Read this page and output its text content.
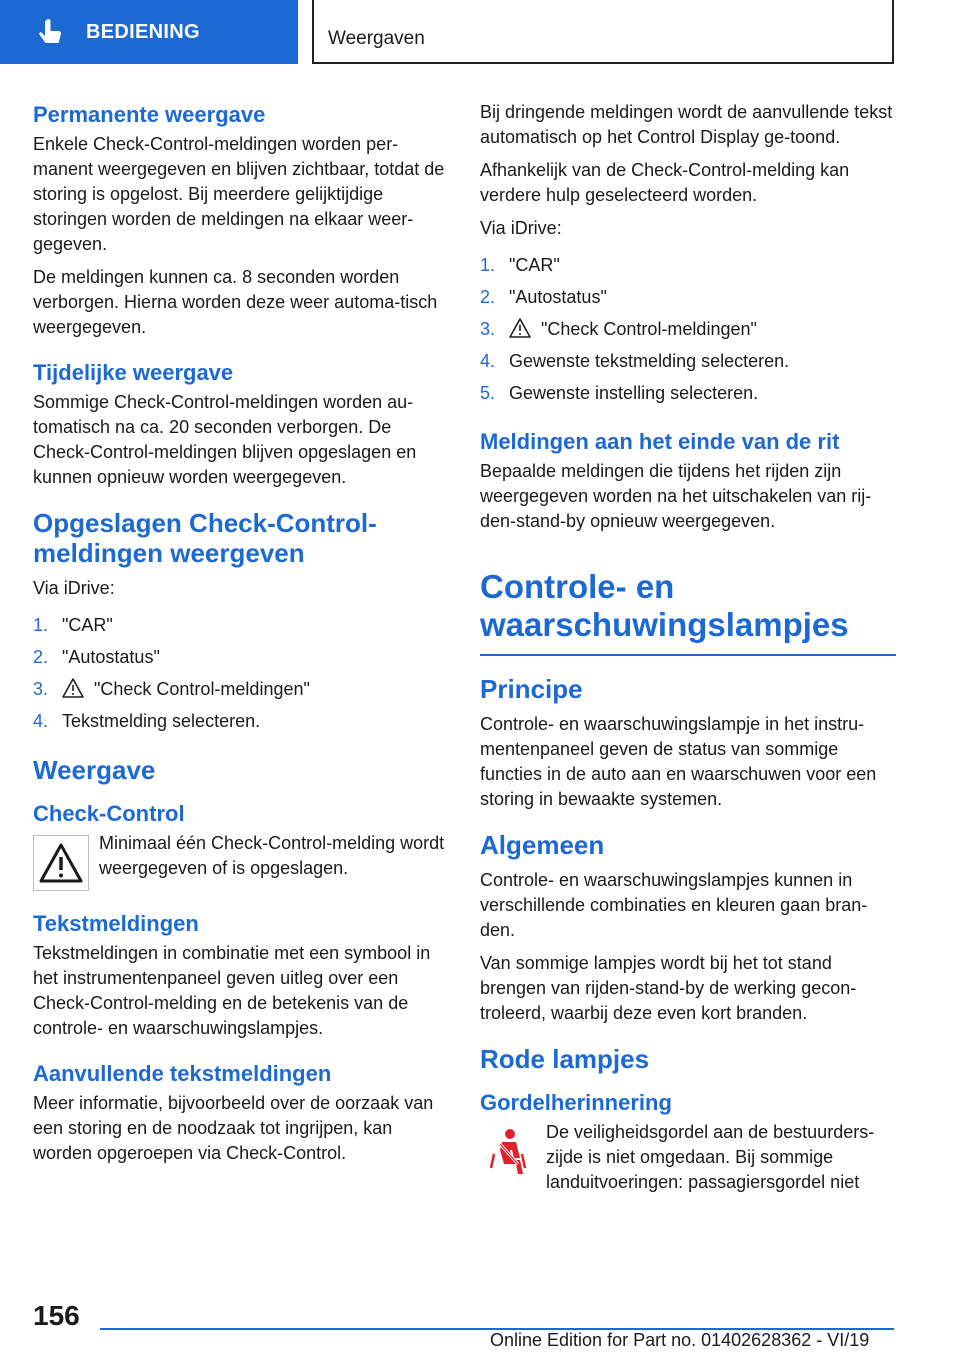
BEDIENING	Weergaven
Permanente weergave

Enkele Check-Control-meldingen worden per-manent weergegeven en blijven zichtbaar, totdat de storing is opgelost. Bij meerdere gelijktijdige storingen worden de meldingen na elkaar weer-gegeven.

De meldingen kunnen ca. 8 seconden worden verborgen. Hierna worden deze weer automa-tisch weergegeven.

Tijdelijke weergave

Sommige Check-Control-meldingen worden au-tomatisch na ca. 20 seconden verborgen. De Check-Control-meldingen blijven opgeslagen en kunnen opnieuw worden weergegeven.

Opgeslagen Check-Control-meldingen weergeven

Via iDrive:

1. "CAR"
2. "Autostatus"
3.	"Check Control-meldingen"
4. Tekstmelding selecteren.
Weergave
Check-Control

Minimaal één Check-Control-melding wordt weergegeven of is opgeslagen.

Tekstmeldingen

Tekstmeldingen in combinatie met een symbool in het instrumentenpaneel geven uitleg over een Check-Control-melding en de betekenis van de controle- en waarschuwingslampjes.

Aanvullende tekstmeldingen

Meer informatie, bijvoorbeeld over de oorzaak van een storing en de noodzaak tot ingrijpen, kan worden opgeroepen via Check-Control.

Bij dringende meldingen wordt de aanvullende tekst automatisch op het Control Display ge-toond.

Afhankelijk van de Check-Control-melding kan verdere hulp geselecteerd worden.

Via iDrive:

1. "CAR"
2. "Autostatus"
3.	"Check Control-meldingen"
4. Gewenste tekstmelding selecteren.
5. Gewenste instelling selecteren.
Meldingen aan het einde van de rit

Bepaalde meldingen die tijdens het rijden zijn weergegeven worden na het uitschakelen van rij-den-stand-by opnieuw weergegeven.

Controle- en waarschuwingslampjes
Principe

Controle- en waarschuwingslampje in het instru-mentenpaneel geven de status van sommige functies in de auto aan en waarschuwen voor een storing in bewaakte systemen.

Algemeen

Controle- en waarschuwingslampjes kunnen in verschillende combinaties en kleuren gaan bran-den.

Van sommige lampjes wordt bij het tot stand brengen van rijden-stand-by de werking gecon-troleerd, waarbij deze even kort branden.

Rode lampjes
Gordelherinnering

De veiligheidsgordel aan de bestuurders-zijde is niet omgedaan. Bij sommige landuitvoeringen: passagiersgordel niet

156
Online Edition for Part no. 01402628362 - VI/19
